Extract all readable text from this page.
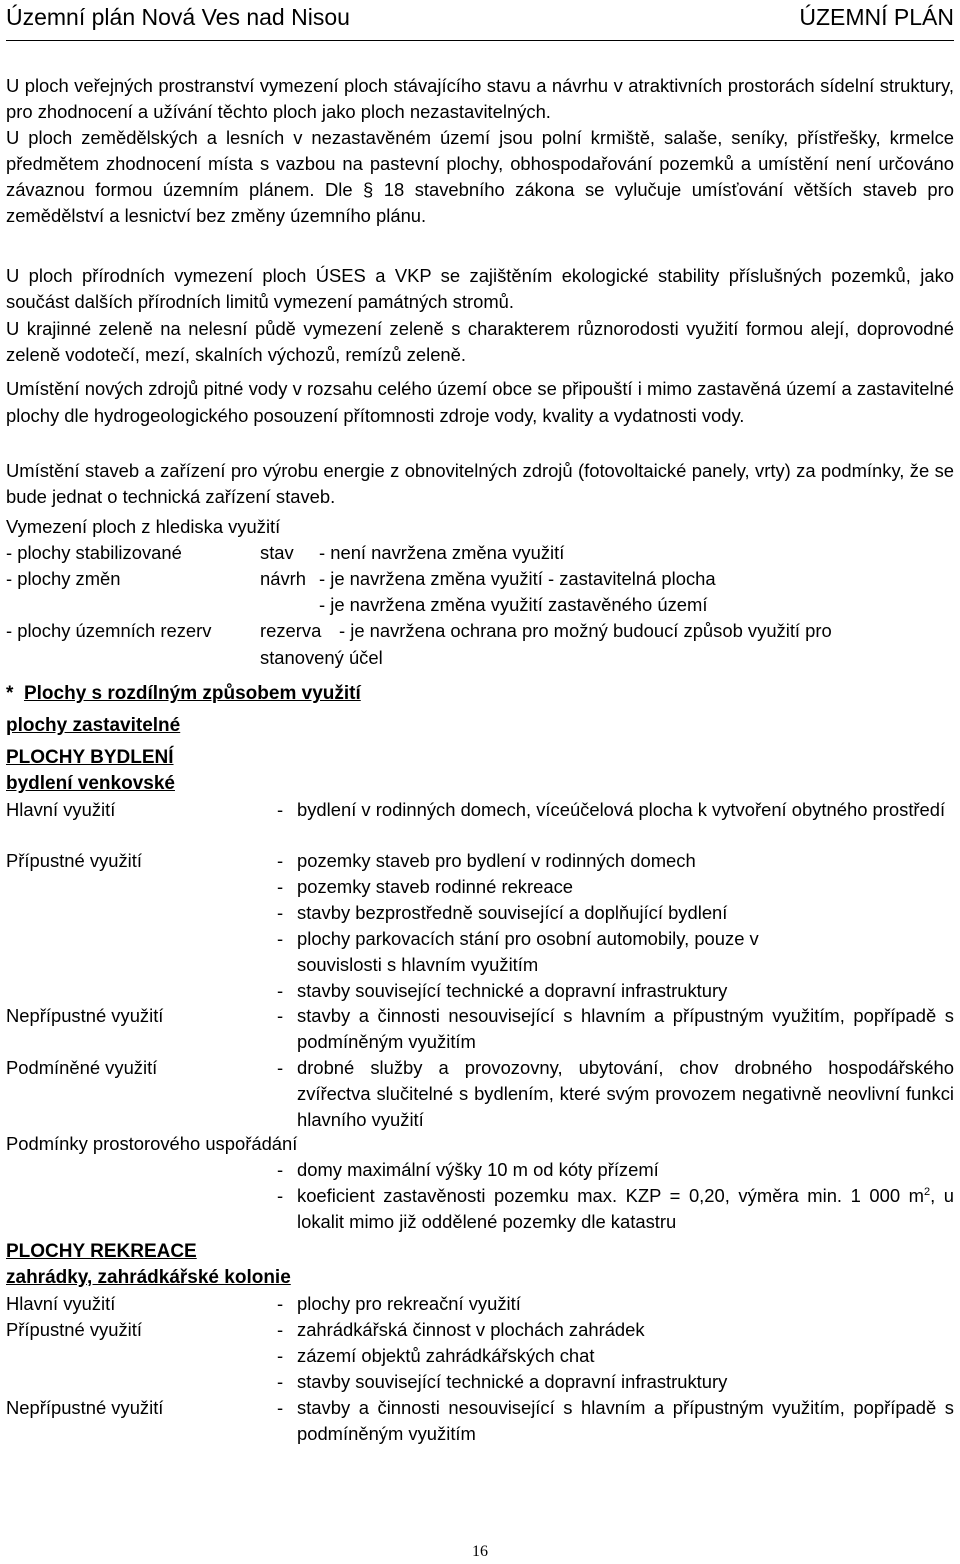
Územní plán Nová Ves nad Nisou	ÚZEMNÍ PLÁN
U ploch veřejných prostranství vymezení ploch stávajícího stavu a návrhu v atraktivních prostorách sídelní struktury, pro zhodnocení a užívání těchto ploch jako ploch nezastavitelných.
U ploch zemědělských a lesních v nezastavěném území jsou polní krmiště, salaše, seníky, přístřešky, krmelce předmětem zhodnocení místa s vazbou na pastevní plochy, obhospodařování pozemků a umístění není určováno závaznou formou územním plánem. Dle § 18 stavebního zákona se vylučuje umísťování větších staveb pro zemědělství a lesnictví bez změny územního plánu.
U ploch přírodních vymezení ploch ÚSES a VKP se zajištěním ekologické stability příslušných pozemků, jako součást dalších přírodních limitů vymezení památných stromů.
U krajinné zeleně na nelesní půdě vymezení zeleně s charakterem různorodosti využití formou alejí, doprovodné zeleně vodotečí, mezí, skalních výchozů, remízů zeleně.
Umístění nových zdrojů pitné vody v rozsahu celého území obce se připouští i mimo zastavěná území a zastavitelné plochy dle hydrogeologického posouzení přítomnosti zdroje vody, kvality a vydatnosti vody.
Umístění staveb a zařízení pro výrobu energie z obnovitelných zdrojů (fotovoltaické panely, vrty) za podmínky, že se bude jednat o technická zařízení staveb.
Vymezení ploch z hlediska využití
- plochy stabilizované	stav - není navržena změna využití
- plochy změn	návrh - je navržena změna využití - zastavitelná plocha
- je navržena změna využití zastavěného území
- plochy územních rezerv	rezerva - je navržena ochrana pro možný budoucí způsob využití pro
stanovený účel
* Plochy s rozdílným způsobem využití
plochy zastavitelné
PLOCHY BYDLENÍ
bydlení venkovské
Hlavní využití	- bydlení v rodinných domech, víceúčelová plocha k vytvoření obytného prostředí
Přípustné využití	- pozemky staveb pro bydlení v rodinných domech
- pozemky staveb rodinné rekreace
- stavby bezprostředně související a doplňující bydlení
- plochy parkovacích stání pro osobní automobily, pouze v souvislosti s hlavním využitím
- stavby související technické a dopravní infrastruktury
Nepřípustné využití	- stavby a činnosti nesouvisející s hlavním a přípustným využitím, popřípadě s podmíněným využitím
Podmíněné využití	- drobné služby a provozovny, ubytování, chov drobného hospodářského zvířectva slučitelné s bydlením, které svým provozem negativně neovlivní funkci hlavního využití
Podmínky prostorového uspořádání
- domy maximální výšky 10 m od kóty přízemí
- koeficient zastavěnosti pozemku max. KZP = 0,20, výměra min. 1 000 $m^2$, u lokalit mimo již oddělené pozemky dle katastru
PLOCHY REKREACE
zahrádky, zahrádkářské kolonie
Hlavní využití	- plochy pro rekreační využití
Přípustné využití	- zahrádkářská činnost v plochách zahrádek
- zázemí objektů zahrádkářských chat
- stavby související technické a dopravní infrastruktury
Nepřípustné využití	- stavby a činnosti nesouvisející s hlavním a přípustným využitím, popřípadě s podmíněným využitím
16
